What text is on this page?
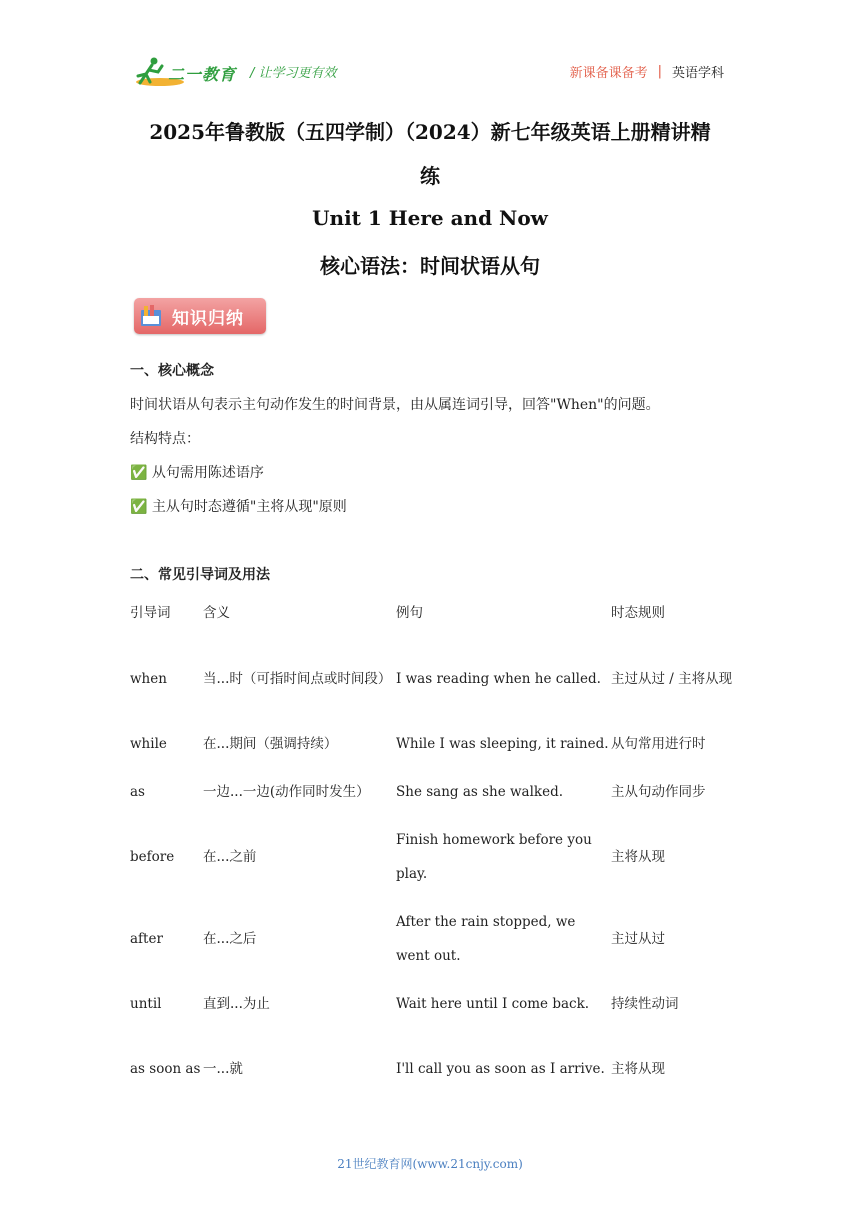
二一教育 / 让学习更有效	新课备课备考 | 英语学科
2025年鲁教版（五四学制）（2024）新七年级英语上册精讲精
练
Unit 1 Here and Now
核心语法：时间状语从句
知识归纳
一、核心概念
时间状语从句表示主句动作发生的时间背景，由从属连词引导，回答"When"的问题。
结构特点：
✅ 从句需用陈述语序
✅ 主从句时态遵循"主将从现"原则
二、常见引导词及用法
引导词	含义	例句	时态规则
when	当...时（可指时间点或时间段）	I was reading when he called.	主过从过 / 主将从现
while	在...期间（强调持续）	While I was sleeping, it rained.	从句常用进行时
as	一边...一边(动作同时发生）	She sang as she walked.	主从句动作同步
before	在...之前	Finish homework before you play.	主将从现
after	在...之后	After the rain stopped, we went out.	主过从过
until	直到...为止	Wait here until I come back.	持续性动词
as soon as	一...就	I'll call you as soon as I arrive.	主将从现
21世纪教育网(www.21cnjy.com)
